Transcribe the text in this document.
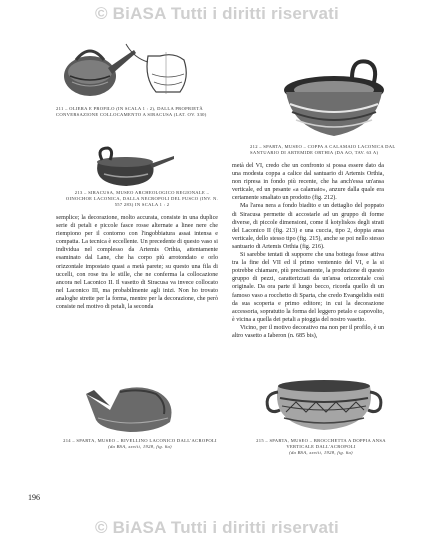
© BiASA Tutti i diritti riservati
211 – OLIERA E PROFILO (IN SCALA 1 : 2), DALLA PROPRIETÀ CONVERSAZIONE COLLOCAMENTO A SIRACUSA (LAT. OV. 330)
212 – SPARTA, MUSEO – COPPA A CALAMAIO LACONICA DAL SANTUARIO DI ARTEMIDE ORTHIA (DA AO, TAV. 63 A)
213 – SIRACUSA, MUSEO ARCHEOLOGICO REGIONALE – OINOCHOE LACONICA, DALLA NECROPOLI DEL FUSCO (INV. N. 557 283) IN SCALA 1 : 2

semplice; la decorazione, molto accurata, consiste in una duplice serie di petali e piccole fasce rosse alternate a linee nere che riempiono per il contorno con l'ingobbiatura assai intensa e compatta. La tecnica è eccellente. Un precedente di questo vaso si individua nel complesso da Artemis Orthia, attentamente esaminato dal Lane, che ha corpo più arrotondato e orlo orizzontale impostato quasi a metà parete; su questo una fila di uccelli, con rose tra le stille, che ne conferma la collocazione ancora nel Laconico II. Il vasetto di Siracusa va invece collocato nel Laconico III, ma probabilmente agli inizi. Non ho trovato analoghe strette per la forma, mentre per la decorazione, che però consiste nel motivo di petali, la seconda

metà del VI, credo che un confronto si possa essere dato da una modesta coppa a calice dal santuario di Artemis Orthia, non ripresa in fondo più recente, che ha anch'essa un'ansa verticale, ed un pesante «a calamaio», anzure dalla quale era certamente smaltato un prodotto (fig. 212).

Ma l'area nera a fondo biadito e un dettaglio del poppato di Siracusa permette di accostarle ad un gruppo di forme diverse, di piccole dimensioni, come il kotyliskos degli strati del Laconico II (fig. 213) e una cuccia, tipo 2, doppia ansa verticale, dello stesso tipo (fig. 215), anche se poi nello stesso santuario di Artemis Orthia (fig. 216).

Si sarebbe tentati di supporre che una bottega fosse attiva tra la fine del VII ed il primo ventennio del VI, e la si potrebbe chiamare, più precisamente, la produzione di questo gruppo di pezzi, caratterizzati da un'ansa orizzontale così originale. Da ora parte il lungo becco, ricorda quello di un famoso vaso a rocchetto di Sparta, che credo Evangelidis esiti da sua scoperta e primo editore; in cui la decorazione accessoria, sopratutto la forma del leggero petalo e capovolto, è vicina a quella dei petali a pioggia del nostro vasetto.

Vicino, per il motivo decorativo ma non per il profilo, è un altro vasetto a Iaberon (n. 685 bis),

214 – SPARTA, MUSEO – RIVELLINO LACONICO DALL'ACROPOLI
(da BSA, xxviii, 1928, fig. 6a)
215 – SPARTA, MUSEO – BROCCHETTA A DOPPIA ANSA VERTICALE DALL'ACROPOLI
(da BSA, xxviii, 1928, fig. 6a)
196
© BiASA Tutti i diritti riservati
